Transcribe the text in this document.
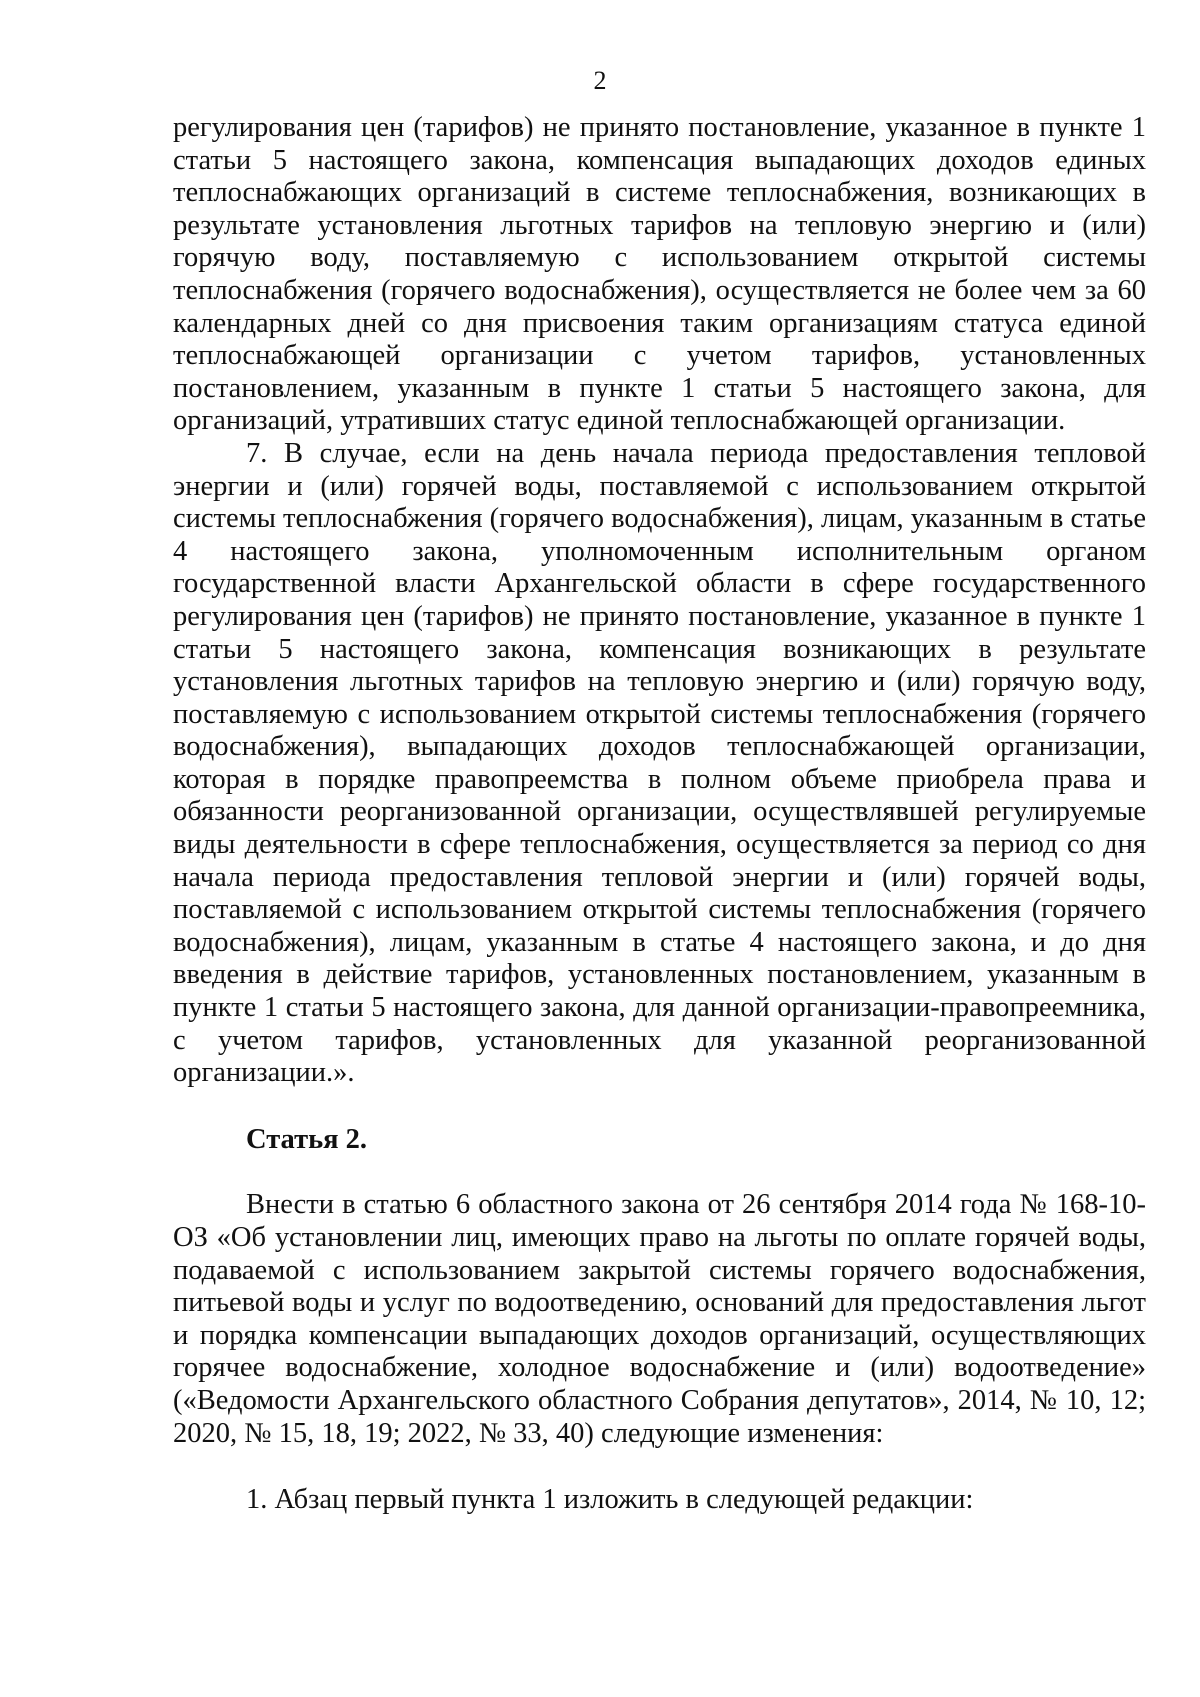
2

регулирования цен (тарифов) не принято постановление, указанное в пункте 1 статьи 5 настоящего закона, компенсация выпадающих доходов единых теплоснабжающих организаций в системе теплоснабжения, возникающих в результате установления льготных тарифов на тепловую энергию и (или) горячую воду, поставляемую с использованием открытой системы теплоснабжения (горячего водоснабжения), осуществляется не более чем за 60 календарных дней со дня присвоения таким организациям статуса единой теплоснабжающей организации с учетом тарифов, установленных постановлением, указанным в пункте 1 статьи 5 настоящего закона, для организаций, утративших статус единой теплоснабжающей организации.

7. В случае, если на день начала периода предоставления тепловой энергии и (или) горячей воды, поставляемой с использованием открытой системы теплоснабжения (горячего водоснабжения), лицам, указанным в статье 4 настоящего закона, уполномоченным исполнительным органом государственной власти Архангельской области в сфере государственного регулирования цен (тарифов) не принято постановление, указанное в пункте 1 статьи 5 настоящего закона, компенсация возникающих в результате установления льготных тарифов на тепловую энергию и (или) горячую воду, поставляемую с использованием открытой системы теплоснабжения (горячего водоснабжения), выпадающих доходов теплоснабжающей организации, которая в порядке правопреемства в полном объеме приобрела права и обязанности реорганизованной организации, осуществлявшей регулируемые виды деятельности в сфере теплоснабжения, осуществляется за период со дня начала периода предоставления тепловой энергии и (или) горячей воды, поставляемой с использованием открытой системы теплоснабжения (горячего водоснабжения), лицам, указанным в статье 4 настоящего закона, и до дня введения в действие тарифов, установленных постановлением, указанным в пункте 1 статьи 5 настоящего закона, для данной организации-правопреемника, с учетом тарифов, установленных для указанной реорганизованной организации.».

Статья 2.

Внести в статью 6 областного закона от 26 сентября 2014 года № 168-10-ОЗ «Об установлении лиц, имеющих право на льготы по оплате горячей воды, подаваемой с использованием закрытой системы горячего водоснабжения, питьевой воды и услуг по водоотведению, оснований для предоставления льгот и порядка компенсации выпадающих доходов организаций, осуществляющих горячее водоснабжение, холодное водоснабжение и (или) водоотведение» («Ведомости Архангельского областного Собрания депутатов», 2014, № 10, 12; 2020, № 15, 18, 19; 2022, № 33, 40) следующие изменения:

1. Абзац первый пункта 1 изложить в следующей редакции:
